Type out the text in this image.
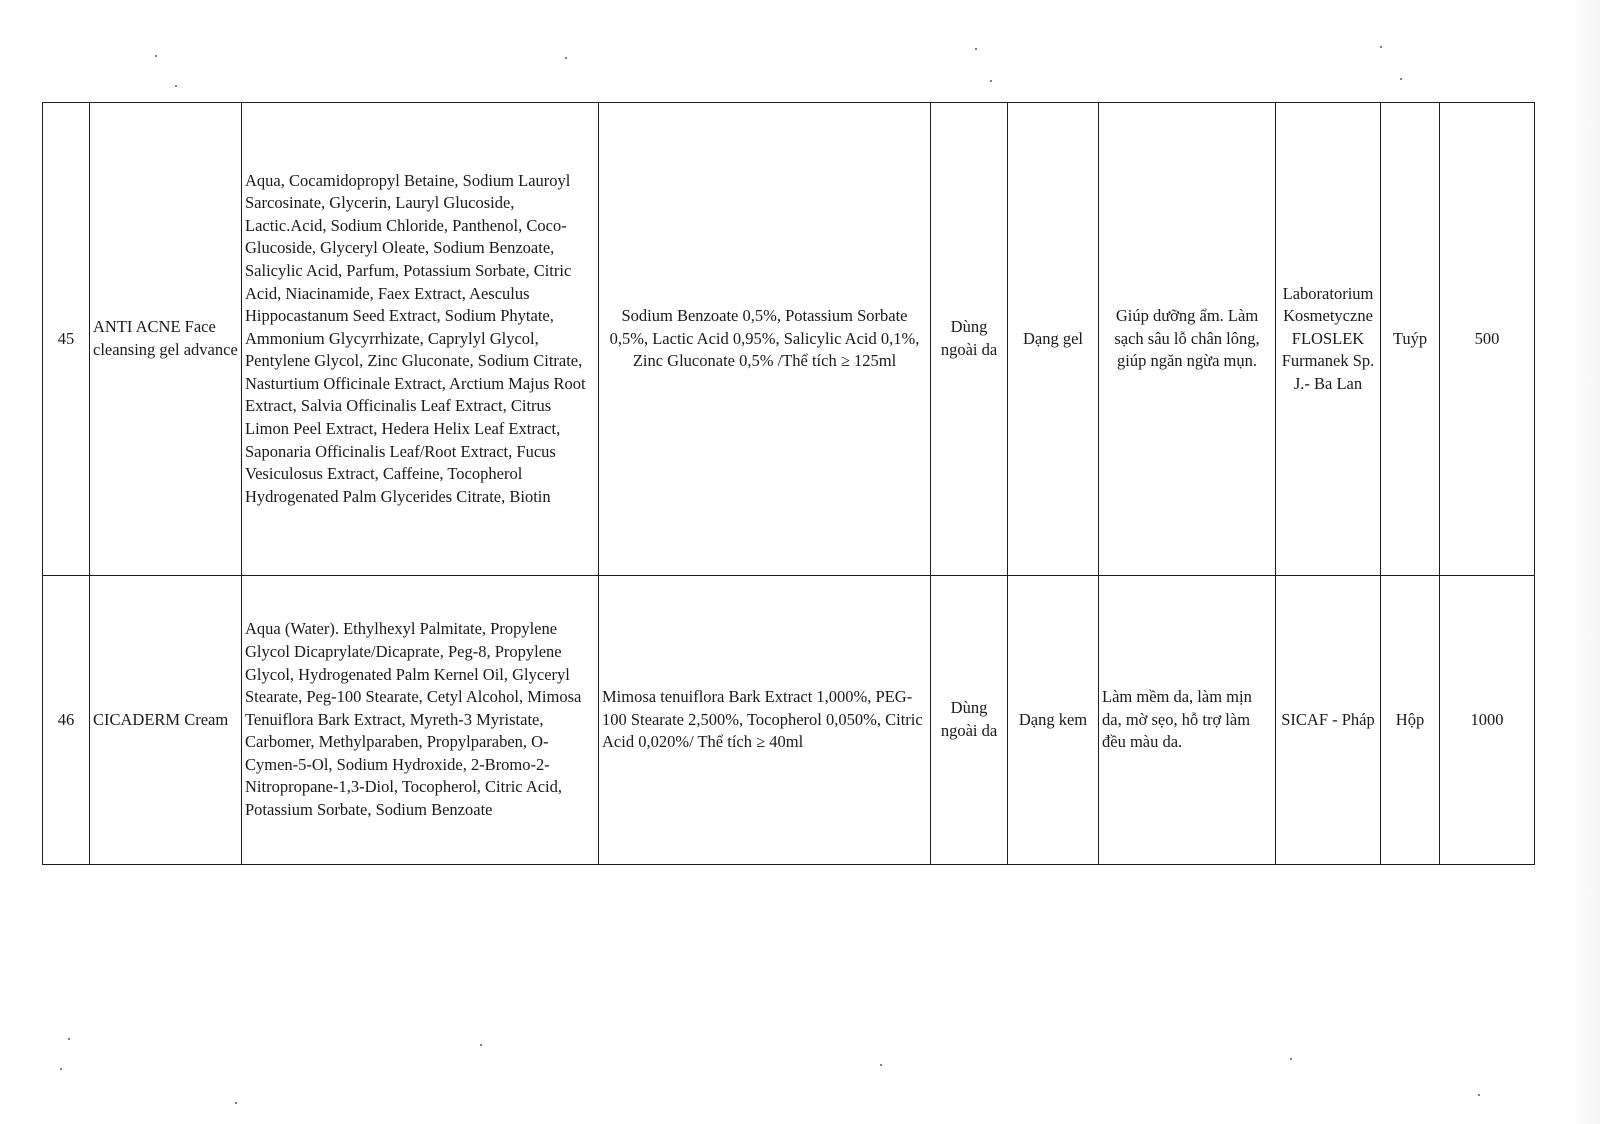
45	ANTI ACNE Face cleansing gel advance	Aqua, Cocamidopropyl Betaine, Sodium Lauroyl Sarcosinate, Glycerin, Lauryl Glucoside, Lactic.Acid, Sodium Chloride, Panthenol, Coco-Glucoside, Glyceryl Oleate, Sodium Benzoate, Salicylic Acid, Parfum, Potassium Sorbate, Citric Acid, Niacinamide, Faex Extract, Aesculus Hippocastanum Seed Extract, Sodium Phytate, Ammonium Glycyrrhizate, Caprylyl Glycol, Pentylene Glycol, Zinc Gluconate, Sodium Citrate, Nasturtium Officinale Extract, Arctium Majus Root Extract, Salvia Officinalis Leaf Extract, Citrus Limon Peel Extract, Hedera Helix Leaf Extract, Saponaria Officinalis Leaf/Root Extract, Fucus Vesiculosus Extract, Caffeine, Tocopherol Hydrogenated Palm Glycerides Citrate, Biotin	Sodium Benzoate 0,5%, Potassium Sorbate 0,5%, Lactic Acid 0,95%, Salicylic Acid 0,1%, Zinc Gluconate 0,5% /Thể tích ≥ 125ml	Dùng ngoài da	Dạng gel	Giúp dưỡng ẩm. Làm sạch sâu lỗ chân lông, giúp ngăn ngừa mụn.	Laboratorium Kosmetyczne FLOSLEK Furmanek Sp. J.- Ba Lan	Tuýp	500
46	CICADERM Cream	Aqua (Water). Ethylhexyl Palmitate, Propylene Glycol Dicaprylate/Dicaprate, Peg-8, Propylene Glycol, Hydrogenated Palm Kernel Oil, Glyceryl Stearate, Peg-100 Stearate, Cetyl Alcohol, Mimosa Tenuiflora Bark Extract, Myreth-3 Myristate, Carbomer, Methylparaben, Propylparaben, O-Cymen-5-Ol, Sodium Hydroxide, 2-Bromo-2-Nitropropane-1,3-Diol, Tocopherol, Citric Acid, Potassium Sorbate, Sodium Benzoate	Mimosa tenuiflora Bark Extract 1,000%, PEG-100 Stearate 2,500%, Tocopherol 0,050%, Citric Acid 0,020%/ Thể tích ≥ 40ml	Dùng ngoài da	Dạng kem	Làm mềm da, làm mịn da, mờ sẹo, hỗ trợ làm đều màu da.	SICAF - Pháp	Hộp	1000
